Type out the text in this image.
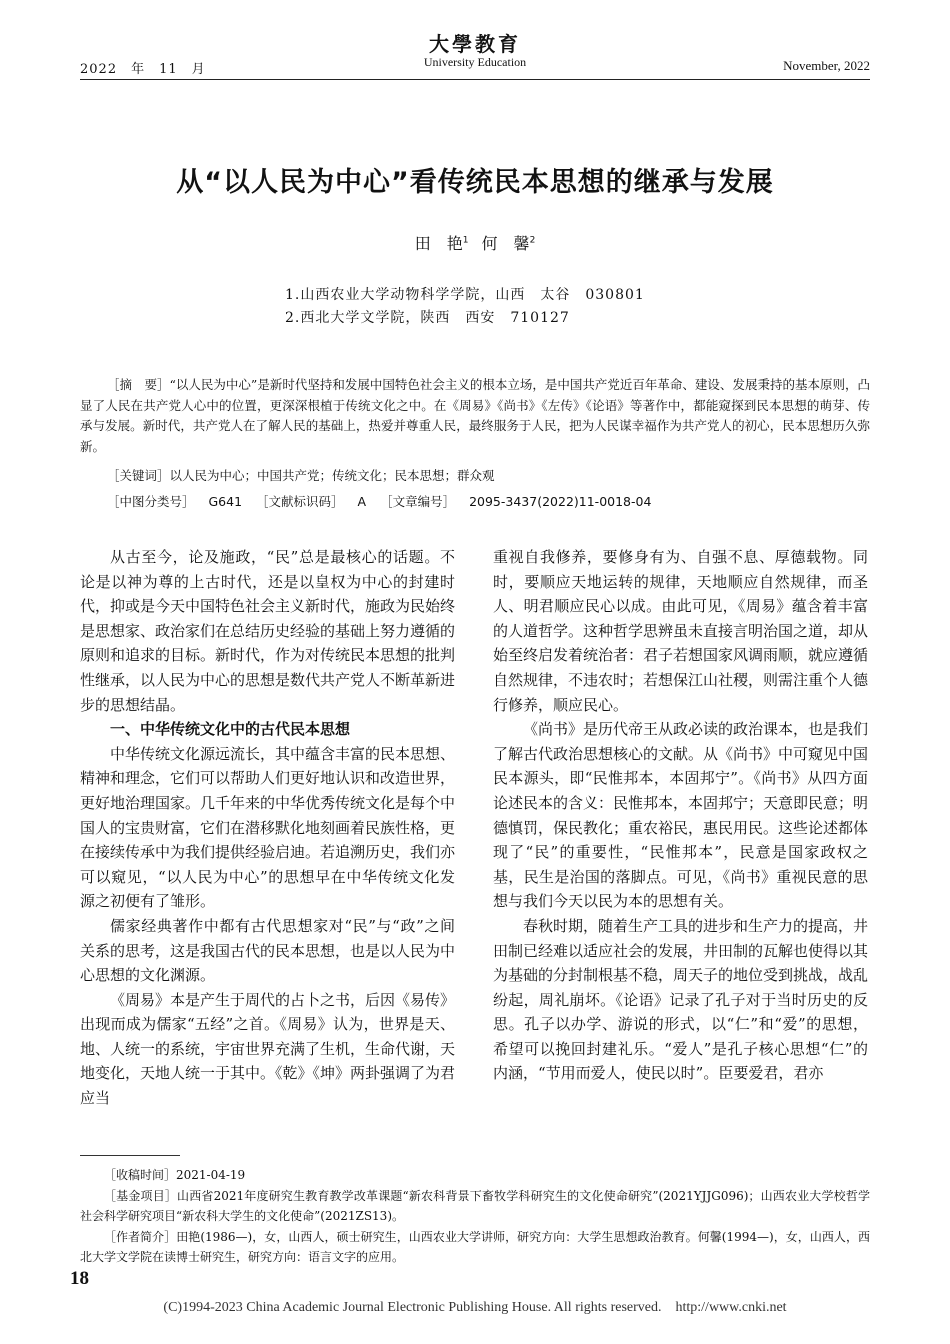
2022　年　11　月
大學教育
University Education	November, 2022
从“以人民为中心”看传统民本思想的继承与发展
田　艳$^1$ 何　馨$^2$
1.山西农业大学动物科学学院，山西　太谷　030801
2.西北大学文学院，陕西　西安　710127
［摘　要］“以人民为中心”是新时代坚持和发展中国特色社会主义的根本立场，是中国共产党近百年革命、建设、发展秉持的基本原则，凸显了人民在共产党人心中的位置，更深深根植于传统文化之中。在《周易》《尚书》《左传》《论语》等著作中，都能窥探到民本思想的萌芽、传承与发展。新时代，共产党人在了解人民的基础上，热爱并尊重人民，最终服务于人民，把为人民谋幸福作为共产党人的初心，民本思想历久弥新。
［关键词］以人民为中心；中国共产党；传统文化；民本思想；群众观
［中图分类号］ G641 ［文献标识码］ A ［文章编号］ 2095-3437(2022)11-0018-04

从古至今，论及施政，“民”总是最核心的话题。不论是以神为尊的上古时代，还是以皇权为中心的封建时代，抑或是今天中国特色社会主义新时代，施政为民始终是思想家、政治家们在总结历史经验的基础上努力遵循的原则和追求的目标。新时代，作为对传统民本思想的批判性继承，以人民为中心的思想是数代共产党人不断革新进步的思想结晶。

一、中华传统文化中的古代民本思想

中华传统文化源远流长，其中蕴含丰富的民本思想、精神和理念，它们可以帮助人们更好地认识和改造世界，更好地治理国家。几千年来的中华优秀传统文化是每个中国人的宝贵财富，它们在潜移默化地刻画着民族性格，更在接续传承中为我们提供经验启迪。若追溯历史，我们亦可以窥见，“以人民为中心”的思想早在中华传统文化发源之初便有了雏形。

儒家经典著作中都有古代思想家对“民”与“政”之间关系的思考，这是我国古代的民本思想，也是以人民为中心思想的文化渊源。

《周易》本是产生于周代的占卜之书，后因《易传》出现而成为儒家“五经”之首。《周易》认为，世界是天、地、人统一的系统，宇宙世界充满了生机，生命代谢，天地变化，天地人统一于其中。《乾》《坤》两卦强调了为君应当

重视自我修养，要修身有为、自强不息、厚德载物。同时，要顺应天地运转的规律，天地顺应自然规律，而圣人、明君顺应民心以成。由此可见，《周易》蕴含着丰富的人道哲学。这种哲学思辨虽未直接言明治国之道，却从始至终启发着统治者：君子若想国家风调雨顺，就应遵循自然规律，不违农时；若想保江山社稷，则需注重个人德行修养，顺应民心。

《尚书》是历代帝王从政必读的政治课本，也是我们了解古代政治思想核心的文献。从《尚书》中可窥见中国民本源头，即“民惟邦本，本固邦宁”。《尚书》从四方面论述民本的含义：民惟邦本，本固邦宁；天意即民意；明德慎罚，保民教化；重农裕民，惠民用民。这些论述都体现了“民”的重要性，“民惟邦本”，民意是国家政权之基，民生是治国的落脚点。可见，《尚书》重视民意的思想与我们今天以民为本的思想有关。

春秋时期，随着生产工具的进步和生产力的提高，井田制已经难以适应社会的发展，井田制的瓦解也使得以其为基础的分封制根基不稳，周天子的地位受到挑战，战乱纷起，周礼崩坏。《论语》记录了孔子对于当时历史的反思。孔子以办学、游说的形式，以“仁”和“爱”的思想，希望可以挽回封建礼乐。“爱人”是孔子核心思想“仁”的内涵，“节用而爱人，使民以时”。臣要爱君，君亦

［收稿时间］2021-04-19

［基金项目］山西省2021年度研究生教育教学改革课题“新农科背景下畜牧学科研究生的文化使命研究”(2021YJJG096)；山西农业大学校哲学社会科学研究项目“新农科大学生的文化使命”(2021ZS13)。

［作者简介］田艳(1986—)，女，山西人，硕士研究生，山西农业大学讲师，研究方向：大学生思想政治教育。何馨(1994—)，女，山西人，西北大学文学院在读博士研究生，研究方向：语言文字的应用。

18
(C)1994-2023 China Academic Journal Electronic Publishing House. All rights reserved.　http://www.cnki.net
